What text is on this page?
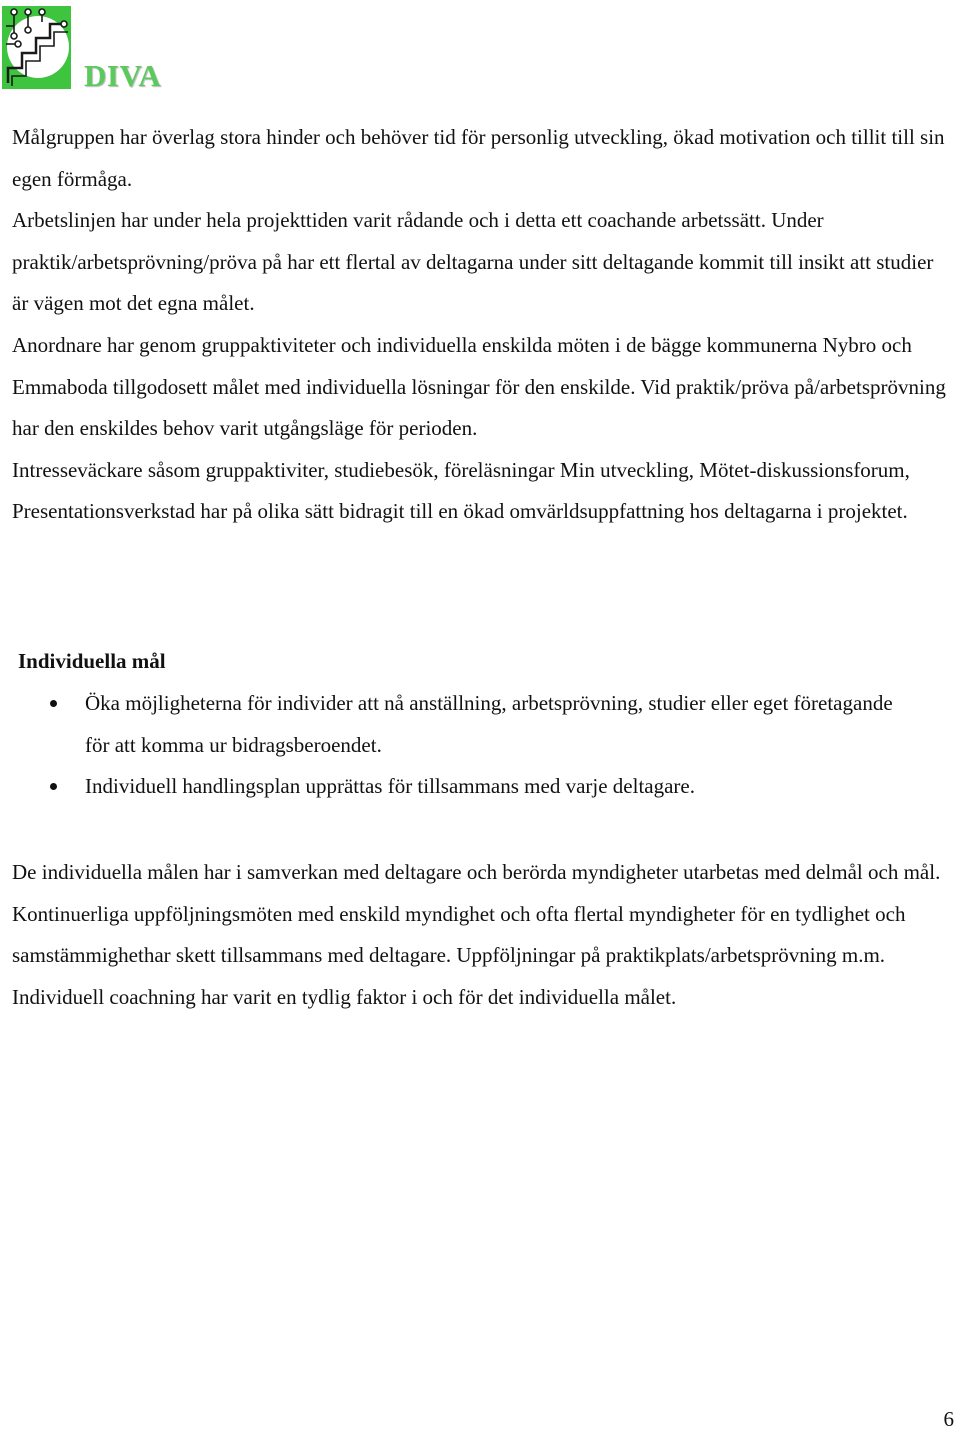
DIVA

Målgruppen har överlag stora hinder och behöver tid för personlig utveckling, ökad motivation och tillit till sin egen förmåga.

Arbetslinjen har under hela projekttiden varit rådande och i detta ett coachande arbetssätt. Under praktik/arbetsprövning/pröva på har ett flertal av deltagarna under sitt deltagande kommit till insikt att studier är vägen mot det egna målet.

Anordnare har genom gruppaktiviteter och individuella enskilda möten i de bägge kommunerna Nybro och Emmaboda tillgodosett målet med individuella lösningar för den enskilde. Vid praktik/pröva på/arbetsprövning har den enskildes behov varit utgångsläge för perioden.

Intresseväckare såsom gruppaktiviter, studiebesök, föreläsningar Min utveckling, Mötet-diskussionsforum, Presentationsverkstad har på olika sätt bidragit till en ökad omvärldsuppfattning hos deltagarna i projektet.

Individuella mål
Öka möjligheterna för individer att nå anställning, arbetsprövning, studier eller eget företagande för att komma ur bidragsberoendet.
Individuell handlingsplan upprättas för tillsammans med varje deltagare.

De individuella målen har i samverkan med deltagare och berörda myndigheter utarbetas med delmål och mål. Kontinuerliga uppföljningsmöten med enskild myndighet och ofta flertal myndigheter för en tydlighet och samstämmighethar skett tillsammans med deltagare. Uppföljningar på praktikplats/arbetsprövning m.m. Individuell coachning har varit en tydlig faktor i och för det individuella målet.

6
